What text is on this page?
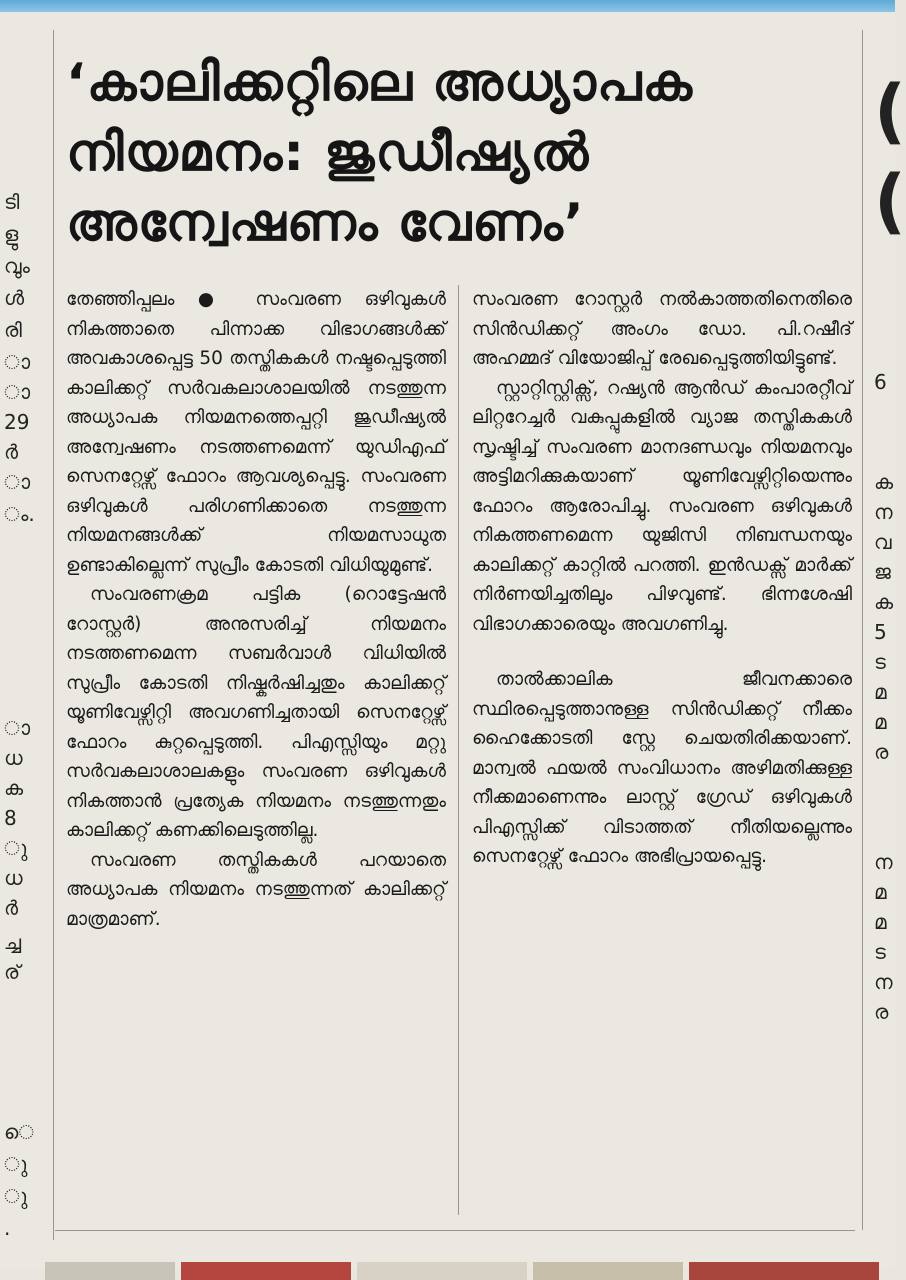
ടി
ളു
വും
ൾ
രി
ാ
ാ
29
ർ
ാ
ം.
ാ
ധ
ക
8
ു
ധ
ർ
ച്ച
ര്
െ
ു
ു
.
(
(
6
ക
ന
വ
ജ
ക
5
ട
മ
മ
ര
ന
മ
മ
ട
ന
ര
‘കാലിക്കറ്റിലെ അധ്യാപക
നിയമനം: ജുഡീഷ്യൽ
അന്വേഷണം വേണം’

തേഞ്ഞിപ്പലം ● സംവരണ ഒഴിവുകൾ നികത്താതെ പിന്നാക്ക വിഭാഗങ്ങൾക്ക് അവകാശപ്പെട്ട 50 തസ്തികകൾ നഷ്ടപ്പെടുത്തി കാലിക്കറ്റ് സർവകലാശാലയിൽ നടത്തുന്ന അധ്യാപക നിയമനത്തെപ്പറ്റി ജുഡീഷ്യൽ അന്വേഷണം നടത്തണമെന്ന് യുഡിഎഫ് സെനറ്റേഴ്സ് ഫോറം ആവശ്യപ്പെട്ടു. സംവരണ ഒഴിവുകൾ പരിഗണിക്കാതെ നടത്തുന്ന നിയമനങ്ങൾക്ക് നിയമസാധുത ഉണ്ടാകില്ലെന്ന് സുപ്രീം കോടതി വിധിയുമുണ്ട്.

സംവരണക്രമ പട്ടിക (റൊട്ടേഷൻ റോസ്റ്റർ) അനുസരിച്ച് നിയമനം നടത്തണമെന്ന സബർവാൾ വിധിയിൽ സുപ്രീം കോടതി നിഷ്കർഷിച്ചതും കാലിക്കറ്റ് യൂണിവേഴ്സിറ്റി അവഗണിച്ചതായി സെനറ്റേഴ്സ് ഫോറം കുറ്റപ്പെടുത്തി. പിഎസ്സിയും മറ്റു സർവകലാശാലകളും സംവരണ ഒഴിവുകൾ നികത്താൻ പ്രത്യേക നിയമനം നടത്തുന്നതും കാലിക്കറ്റ് കണക്കിലെടുത്തില്ല.

സംവരണ തസ്തികകൾ പറയാതെ അധ്യാപക നിയമനം നടത്തുന്നത് കാലിക്കറ്റ് മാത്രമാണ്.

സംവരണ റോസ്റ്റർ നൽകാത്തതിനെതിരെ സിൻഡിക്കറ്റ് അംഗം ഡോ. പി.റഷീദ് അഹമ്മദ് വിയോജിപ്പ് രേഖപ്പെടുത്തിയിട്ടുണ്ട്.

സ്റ്റാറ്റിസ്റ്റിക്സ്, റഷ്യൻ ആൻഡ് കംപാരറ്റീവ് ലിറ്ററേച്ചർ വകുപ്പുകളിൽ വ്യാജ തസ്തികകൾ സൃഷ്ടിച്ച് സംവരണ മാനദണ്ഡവും നിയമനവും അട്ടിമറിക്കുകയാണ് യൂണിവേഴ്സിറ്റിയെന്നും ഫോറം ആരോപിച്ചു. സംവരണ ഒഴിവുകൾ നികത്തണമെന്ന യുജിസി നിബന്ധനയും കാലിക്കറ്റ് കാറ്റിൽ പറത്തി. ഇൻഡക്സ് മാർക്ക് നിർണയിച്ചതിലും പിഴവുണ്ട്. ഭിന്നശേഷി വിഭാഗക്കാരെയും അവഗണിച്ചു.

താൽക്കാലിക ജീവനക്കാരെ സ്ഥിരപ്പെടുത്താനുള്ള സിൻഡിക്കറ്റ് നീക്കം ഹൈക്കോടതി സ്റ്റേ ചെയതിരിക്കയാണ്. മാന്വൽ ഫയൽ സംവിധാനം അഴിമതിക്കുള്ള നീക്കമാണെന്നും ലാസ്റ്റ് ഗ്രേഡ് ഒഴിവുകൾ പിഎസ്സിക്ക് വിടാത്തത് നീതിയല്ലെന്നും സെനറ്റേഴ്സ് ഫോറം അഭിപ്രായപ്പെട്ടു.
